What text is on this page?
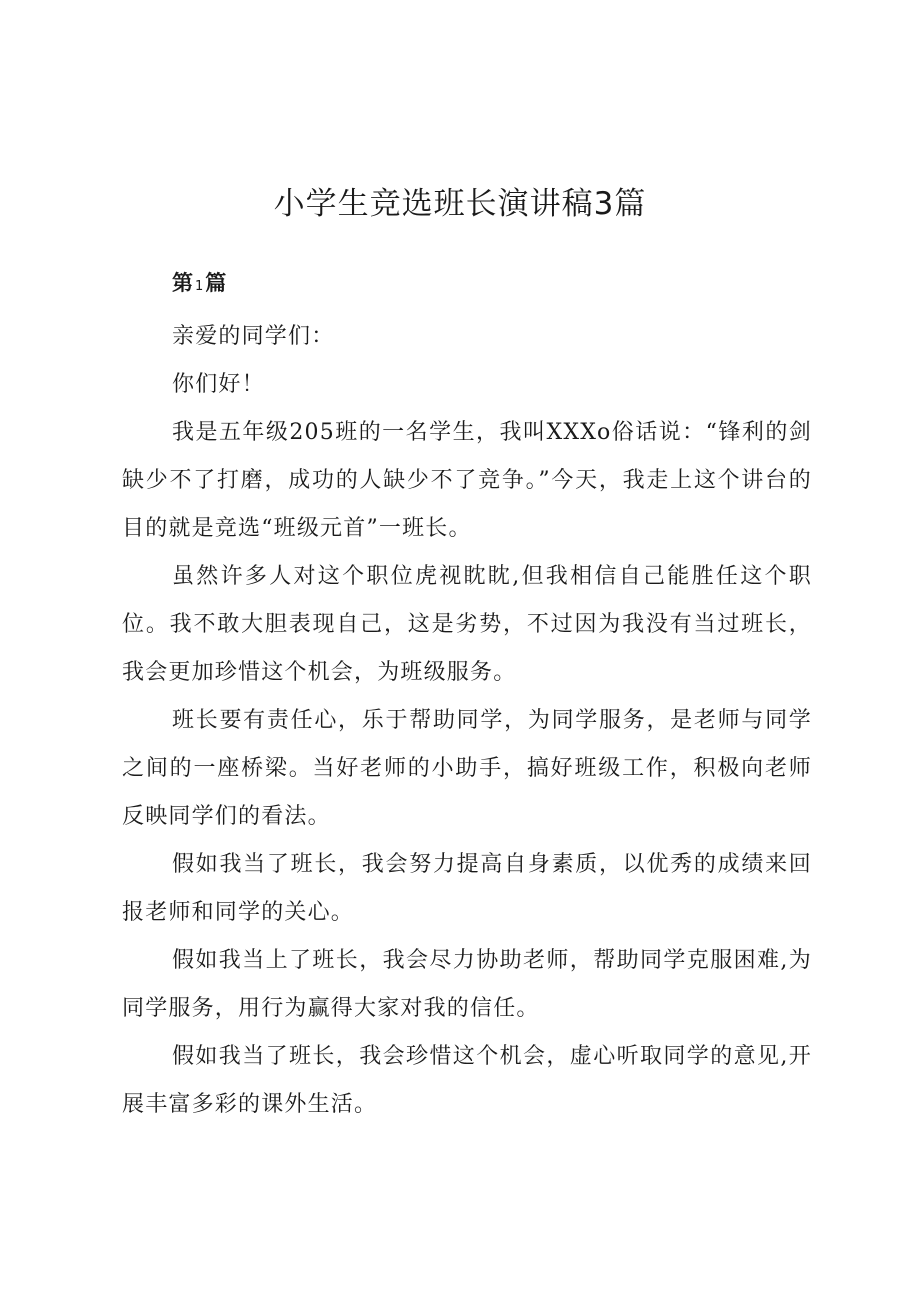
小学生竞选班长演讲稿3篇
第 1篇

亲爱的同学们：

你们好！

我是五年级205班的一名学生，我叫XXXo俗话说：“锋利的剑缺少不了打磨，成功的人缺少不了竞争。”今天，我走上这个讲台的目的就是竞选“班级元首”一班长。

虽然许多人对这个职位虎视眈眈,但我相信自己能胜任这个职位。我不敢大胆表现自己，这是劣势，不过因为我没有当过班长，我会更加珍惜这个机会，为班级服务。

班长要有责任心，乐于帮助同学，为同学服务，是老师与同学之间的一座桥梁。当好老师的小助手，搞好班级工作，积极向老师反映同学们的看法。

假如我当了班长，我会努力提高自身素质，以优秀的成绩来回报老师和同学的关心。

假如我当上了班长，我会尽力协助老师，帮助同学克服困难,为同学服务，用行为赢得大家对我的信任。

假如我当了班长，我会珍惜这个机会，虚心听取同学的意见,开展丰富多彩的课外生活。
